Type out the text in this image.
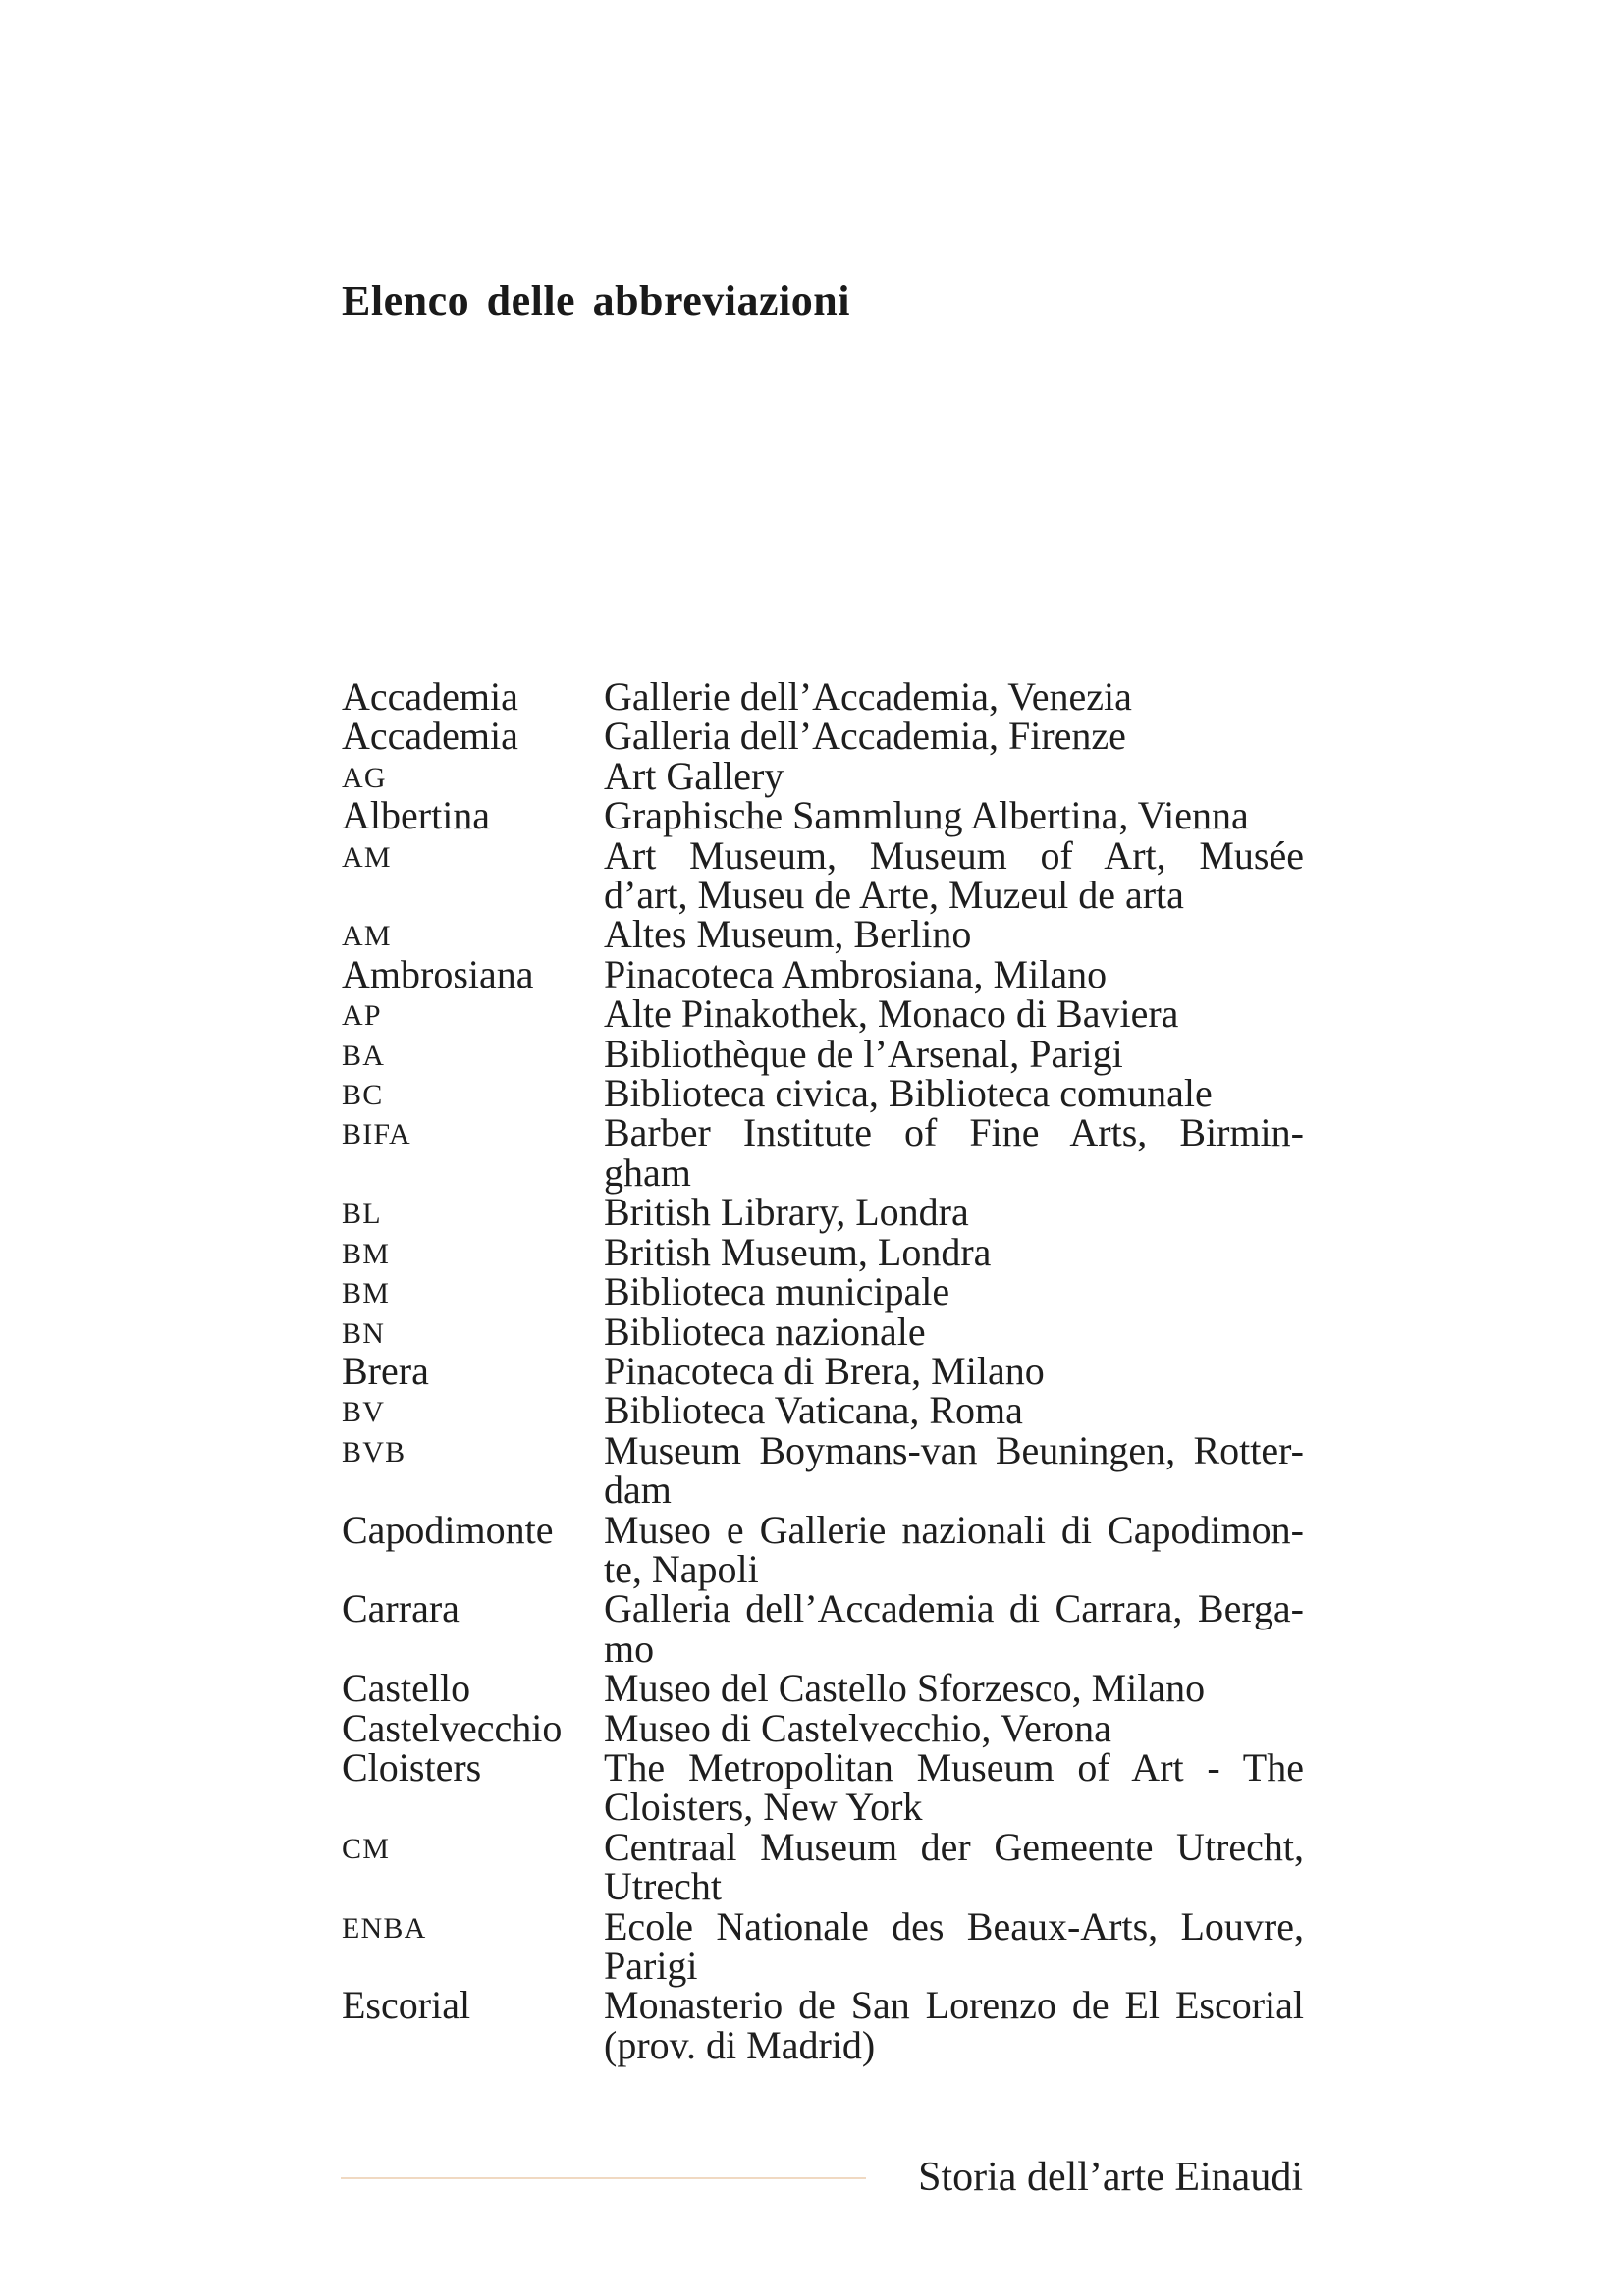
Elenco delle abbreviazioni
Accademia	Gallerie dell’Accademia, Venezia
Accademia	Galleria dell’Accademia, Firenze
AG	Art Gallery
Albertina	Graphische Sammlung Albertina, Vienna
AM	Art Museum, Museum of Art, Musée
d’art, Museu de Arte, Muzeul de arta
AM	Altes Museum, Berlino
Ambrosiana	Pinacoteca Ambrosiana, Milano
AP	Alte Pinakothek, Monaco di Baviera
BA	Bibliothèque de l’Arsenal, Parigi
BC	Biblioteca civica, Biblioteca comunale
BIFA	Barber Institute of Fine Arts, Birmin-
gham
BL	British Library, Londra
BM	British Museum, Londra
BM	Biblioteca municipale
BN	Biblioteca nazionale
Brera	Pinacoteca di Brera, Milano
BV	Biblioteca Vaticana, Roma
BVB	Museum Boymans-van Beuningen, Rotter-
dam
Capodimonte	Museo e Gallerie nazionali di Capodimon-
te, Napoli
Carrara	Galleria dell’Accademia di Carrara, Berga-
mo
Castello	Museo del Castello Sforzesco, Milano
Castelvecchio	Museo di Castelvecchio, Verona
Cloisters	The Metropolitan Museum of Art - The
Cloisters, New York
CM	Centraal Museum der Gemeente Utrecht,
Utrecht
ENBA	Ecole Nationale des Beaux-Arts, Louvre,
Parigi
Escorial	Monasterio de San Lorenzo de El Escorial
(prov. di Madrid)
Storia dell’arte Einaudi
